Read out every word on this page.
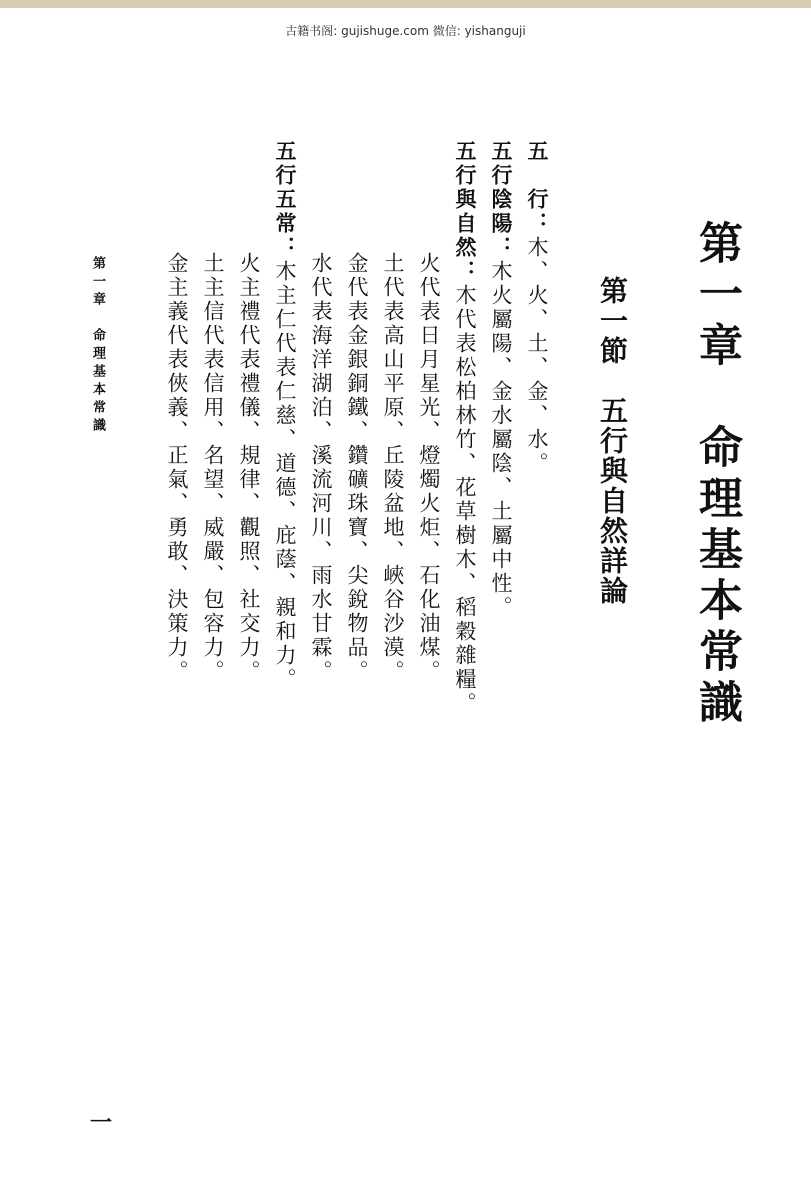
古籍书阁: gujishuge.com 微信: yishanguji
第一章　命理基本常識
第一節　五行與自然詳論
五　行：木、火、土、金、水。
五行陰陽：木火屬陽、金水屬陰、土屬中性。
五行與自然：木代表松柏林竹、花草樹木、稻穀雜糧。
火代表日月星光、燈燭火炬、石化油煤。
土代表高山平原、丘陵盆地、峽谷沙漠。
金代表金銀銅鐵、鑽礦珠寶、尖銳物品。
水代表海洋湖泊、溪流河川、雨水甘霖。
五行五常：木主仁代表仁慈、道德、庇蔭、親和力。
火主禮代表禮儀、規律、觀照、社交力。
土主信代表信用、名望、威嚴、包容力。
金主義代表俠義、正氣、勇敢、決策力。
第一章　命理基本常識
一
